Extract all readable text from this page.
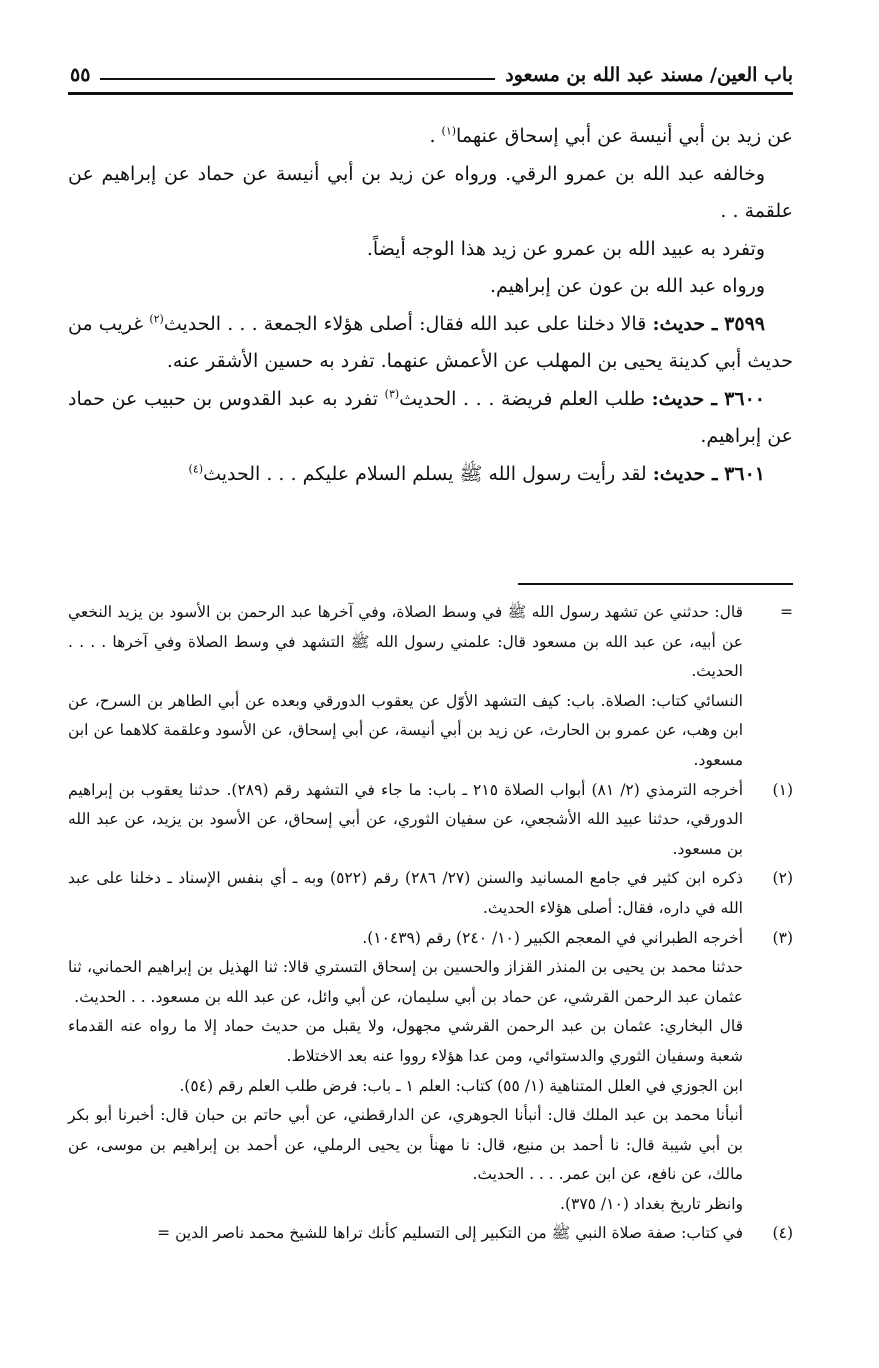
باب العين/ مسند عبد الله بن مسعود
٥٥

عن زيد بن أبي أنيسة عن أبي إسحاق عنهما$^{(١)}$ .

وخالفه عبد الله بن عمرو الرقي. ورواه عن زيد بن أبي أنيسة عن حماد عن إبراهيم عن علقمة . .

وتفرد به عبيد الله بن عمرو عن زيد هذا الوجه أيضاً.

ورواه عبد الله بن عون عن إبراهيم.

٣٥٩٩ ـ حديث: قالا دخلنا على عبد الله فقال: أصلى هؤلاء الجمعة . . . الحديث$^{(٢)}$ غريب من حديث أبي كدينة يحيى بن المهلب عن الأعمش عنهما. تفرد به حسين الأشقر عنه.

٣٦٠٠ ـ حديث: طلب العلم فريضة . . . الحديث$^{(٣)}$ تفرد به عبد القدوس بن حبيب عن حماد عن إبراهيم.

٣٦٠١ ـ حديث: لقد رأيت رسول الله ﷺ يسلم السلام عليكم . . . الحديث$^{(٤)}$

=

قال: حدثني عن تشهد رسول الله ﷺ في وسط الصلاة، وفي آخرها عبد الرحمن بن الأسود بن يزيد النخعي عن أبيه، عن عبد الله بن مسعود قال: علمني رسول الله ﷺ التشهد في وسط الصلاة وفي آخرها . . . . الحديث.

النسائي كتاب: الصلاة. باب: كيف التشهد الأوّل عن يعقوب الدورقي وبعده عن أبي الطاهر بن السرح، عن ابن وهب، عن عمرو بن الحارث، عن زيد بن أبي أنيسة، عن أبي إسحاق، عن الأسود وعلقمة كلاهما عن ابن مسعود.

(١)

أخرجه الترمذي (٢/ ٨١) أبواب الصلاة ٢١٥ ـ باب: ما جاء في التشهد رقم (٢٨٩). حدثنا يعقوب بن إبراهيم الدورقي، حدثنا عبيد الله الأشجعي، عن سفيان الثوري، عن أبي إسحاق، عن الأسود بن يزيد، عن عبد الله بن مسعود.

(٢)

ذكره ابن كثير في جامع المسانيد والسنن (٢٧/ ٢٨٦) رقم (٥٢٢) وبه ـ أي بنفس الإسناد ـ دخلنا على عبد الله في داره، فقال: أصلى هؤلاء الحديث.

(٣)

أخرجه الطبراني في المعجم الكبير (١٠/ ٢٤٠) رقم (١٠٤٣٩).

حدثنا محمد بن يحيى بن المنذر القزاز والحسين بن إسحاق التستري قالا: ثنا الهذيل بن إبراهيم الحماني، ثنا عثمان عبد الرحمن القرشي، عن حماد بن أبي سليمان، عن أبي وائل، عن عبد الله بن مسعود. . . الحديث.

قال البخاري: عثمان بن عبد الرحمن القرشي مجهول، ولا يقبل من حديث حماد إلا ما رواه عنه القدماء شعبة وسفيان الثوري والدستوائي، ومن عدا هؤلاء رووا عنه بعد الاختلاط.

ابن الجوزي في العلل المتناهية (١/ ٥٥) كتاب: العلم ١ ـ باب: فرض طلب العلم رقم (٥٤).

أنبأنا محمد بن عبد الملك قال: أنبأنا الجوهري، عن الدارقطني، عن أبي حاتم بن حبان قال: أخبرنا أبو بكر بن أبي شيبة قال: نا أحمد بن منيع، قال: نا مهنأ بن يحيى الرملي، عن أحمد بن إبراهيم بن موسى، عن مالك، عن نافع، عن ابن عمر. . . . الحديث.

وانظر تاريخ بغداد (١٠/ ٣٧٥).

(٤)

في كتاب: صفة صلاة النبي ﷺ من التكبير إلى التسليم كأنك تراها للشيخ محمد ناصر الدين =
